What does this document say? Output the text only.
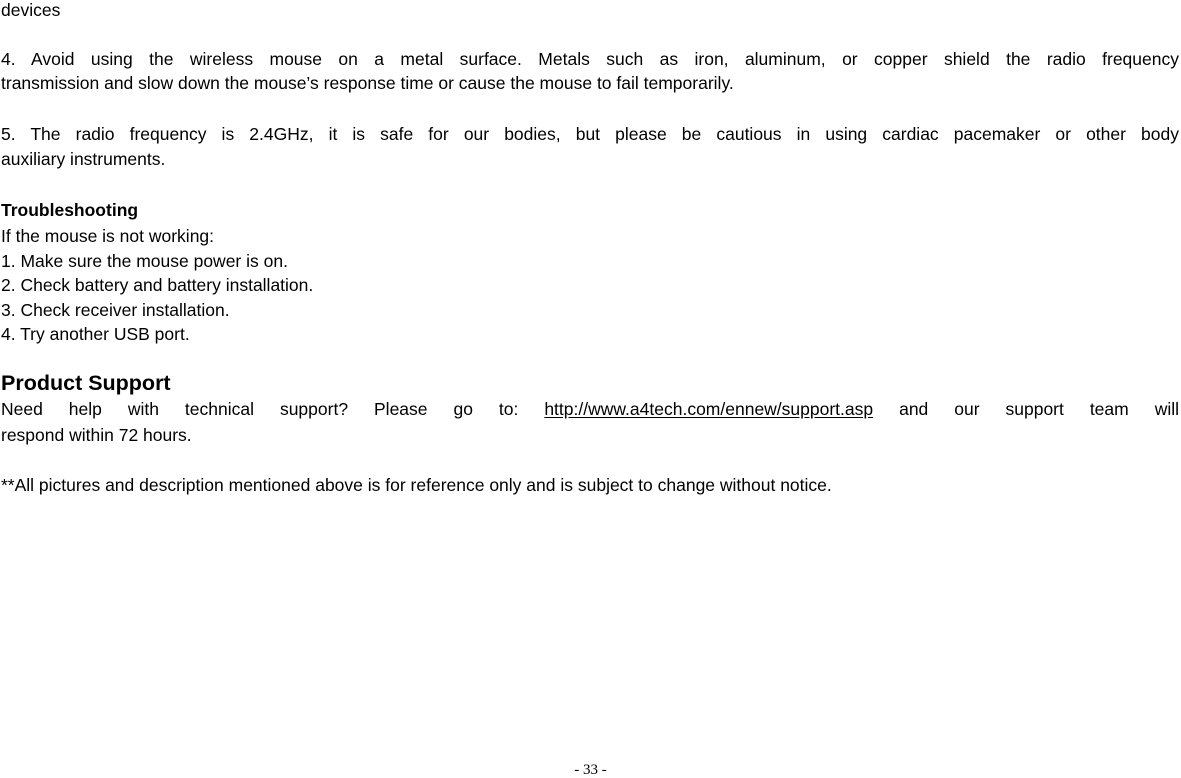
devices
4. Avoid using the wireless mouse on a metal surface. Metals such as iron, aluminum, or copper shield the radio frequency
transmission and slow down the mouse’s response time or cause the mouse to fail temporarily.
5. The radio frequency is 2.4GHz, it is safe for our bodies, but please be cautious in using cardiac pacemaker or other body
auxiliary instruments.
Troubleshooting
If the mouse is not working:
1. Make sure the mouse power is on.
2. Check battery and battery installation.
3. Check receiver installation.
4. Try another USB port.
Product Support
Need help with technical support? Please go to: http://www.a4tech.com/ennew/support.asp and our support team will
respond within 72 hours.
**All pictures and description mentioned above is for reference only and is subject to change without notice.
- 33 -
